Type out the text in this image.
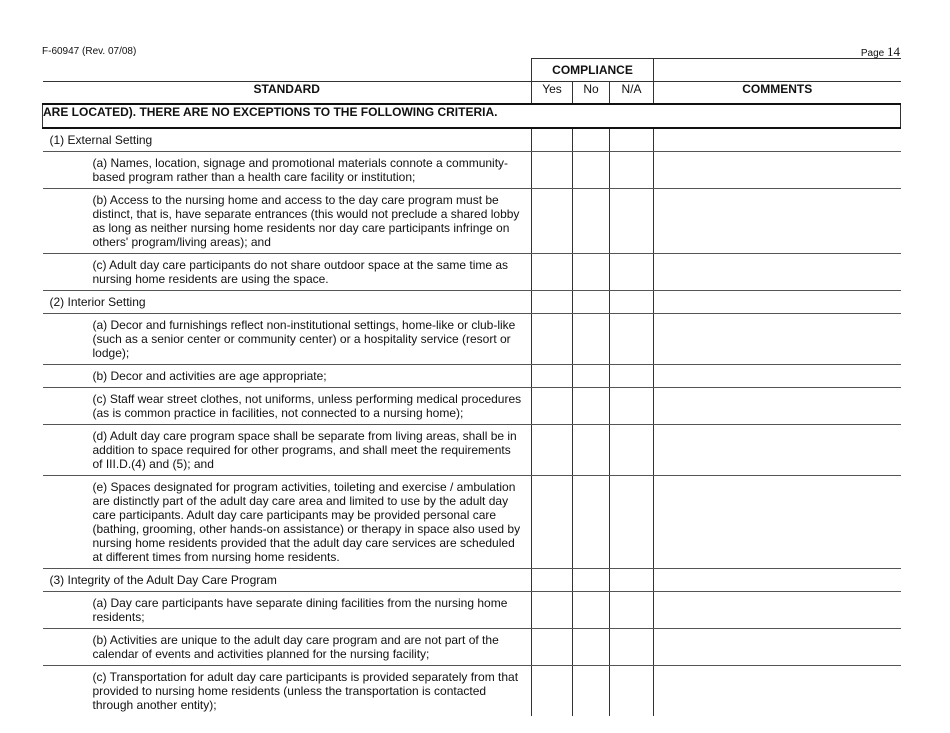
F-60947 (Rev. 07/08)	Page 14
	COMPLIANCE			
STANDARD	Yes	No	N/A	COMMENTS
ARE LOCATED). THERE ARE NO EXCEPTIONS TO THE FOLLOWING CRITERIA.				
(1) External Setting				
(a) Names, location, signage and promotional materials connote a community-based program rather than a health care facility or institution;				
(b) Access to the nursing home and access to the day care program must be distinct, that is, have separate entrances (this would not preclude a shared lobby as long as neither nursing home residents nor day care participants infringe on others' program/living areas); and				
(c) Adult day care participants do not share outdoor space at the same time as nursing home residents are using the space.				
(2) Interior Setting				
(a) Decor and furnishings reflect non-institutional settings, home-like or club-like (such as a senior center or community center) or a hospitality service (resort or lodge);				
(b) Decor and activities are age appropriate;				
(c) Staff wear street clothes, not uniforms, unless performing medical procedures (as is common practice in facilities, not connected to a nursing home);				
(d) Adult day care program space shall be separate from living areas, shall be in addition to space required for other programs, and shall meet the requirements of III.D.(4) and (5); and				
(e) Spaces designated for program activities, toileting and exercise / ambulation are distinctly part of the adult day care area and limited to use by the adult day care participants. Adult day care participants may be provided personal care (bathing, grooming, other hands-on assistance) or therapy in space also used by nursing home residents provided that the adult day care services are scheduled at different times from nursing home residents.				
(3) Integrity of the Adult Day Care Program				
(a) Day care participants have separate dining facilities from the nursing home residents;				
(b) Activities are unique to the adult day care program and are not part of the calendar of events and activities planned for the nursing facility;				
(c) Transportation for adult day care participants is provided separately from that provided to nursing home residents (unless the transportation is contacted through another entity);				
